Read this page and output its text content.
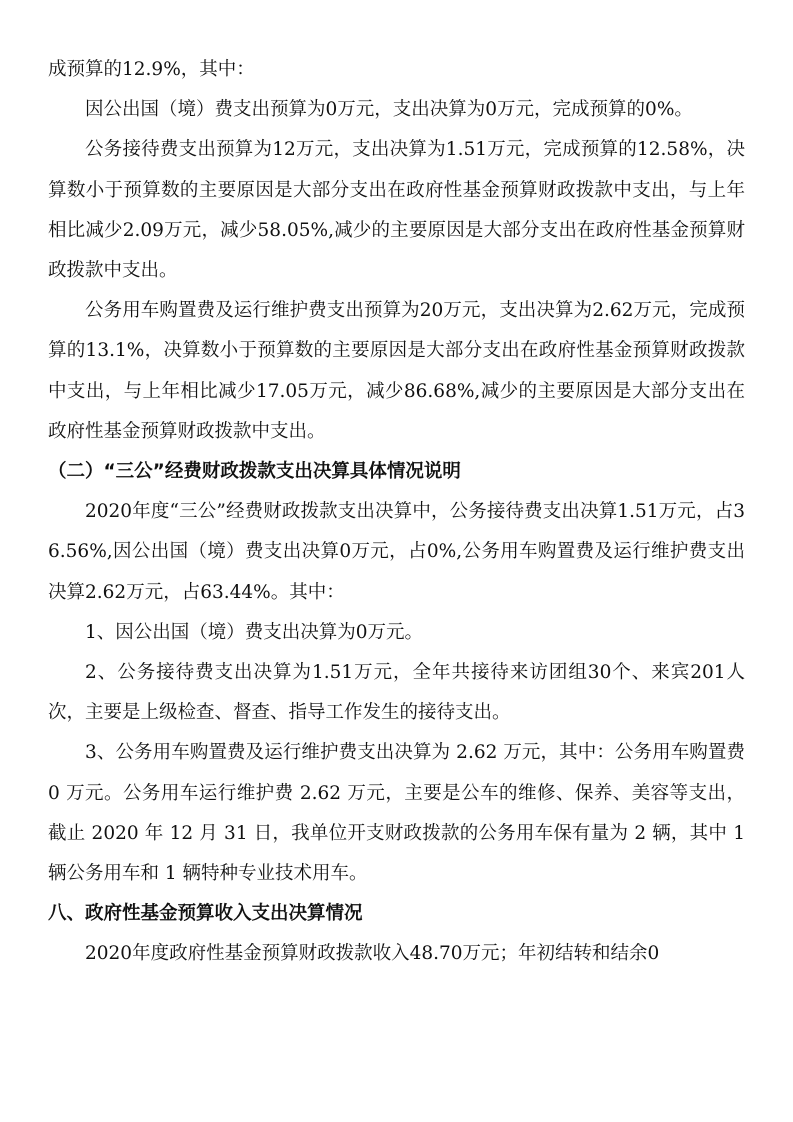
成预算的12.9%，其中：

因公出国（境）费支出预算为0万元，支出决算为0万元，完成预算的0%。

公务接待费支出预算为12万元，支出决算为1.51万元，完成预算的12.58%，决算数小于预算数的主要原因是大部分支出在政府性基金预算财政拨款中支出，与上年相比减少2.09万元，减少58.05%,减少的主要原因是大部分支出在政府性基金预算财政拨款中支出。

公务用车购置费及运行维护费支出预算为20万元，支出决算为2.62万元，完成预算的13.1%，决算数小于预算数的主要原因是大部分支出在政府性基金预算财政拨款中支出，与上年相比减少17.05万元，减少86.68%,减少的主要原因是大部分支出在政府性基金预算财政拨款中支出。

（二）“三公”经费财政拨款支出决算具体情况说明

2020年度“三公”经费财政拨款支出决算中，公务接待费支出决算1.51万元，占36.56%,因公出国（境）费支出决算0万元，占0%,公务用车购置费及运行维护费支出决算2.62万元，占63.44%。其中：

1、因公出国（境）费支出决算为0万元。

2、公务接待费支出决算为1.51万元，全年共接待来访团组30个、来宾201人次，主要是上级检查、督查、指导工作发生的接待支出。

3、公务用车购置费及运行维护费支出决算为 2.62 万元，其中：公务用车购置费 0 万元。公务用车运行维护费 2.62 万元，主要是公车的维修、保养、美容等支出，截止 2020 年 12 月 31 日，我单位开支财政拨款的公务用车保有量为 2 辆，其中 1 辆公务用车和 1 辆特种专业技术用车。

八、政府性基金预算收入支出决算情况

2020年度政府性基金预算财政拨款收入48.70万元；年初结转和结余0
